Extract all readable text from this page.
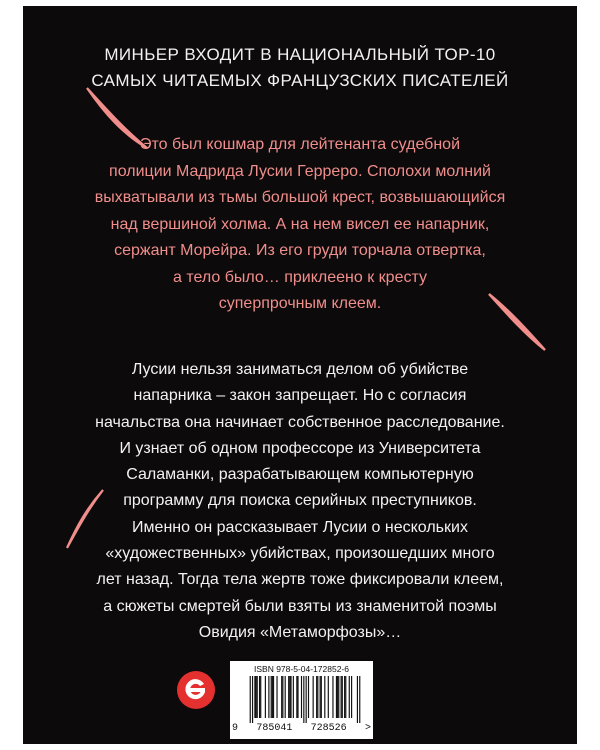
МИНЬЕР ВХОДИТ В НАЦИОНАЛЬНЫЙ ТОР-10
САМЫХ ЧИТАЕМЫХ ФРАНЦУЗСКИХ ПИСАТЕЛЕЙ
Это был кошмар для лейтенанта судебной
полиции Мадрида Лусии Герреро. Сполохи молний
выхватывали из тьмы большой крест, возвышающийся
над вершиной холма. А на нем висел ее напарник,
сержант Морейра. Из его груди торчала отвертка,
а тело было… приклеено к кресту
суперпрочным клеем.
Лусии нельзя заниматься делом об убийстве
напарника – закон запрещает. Но с согласия
начальства она начинает собственное расследование.
И узнает об одном профессоре из Университета
Саламанки, разрабатывающем компьютерную
программу для поиска серийных преступников.
Именно он рассказывает Лусии о нескольких
«художественных» убийствах, произошедших много
лет назад. Тогда тела жертв тоже фиксировали клеем,
а сюжеты смертей были взяты из знаменитой поэмы
Овидия «Метаморфозы»…
ISBN 978-5-04-172852-6
9 785041 728526 >
